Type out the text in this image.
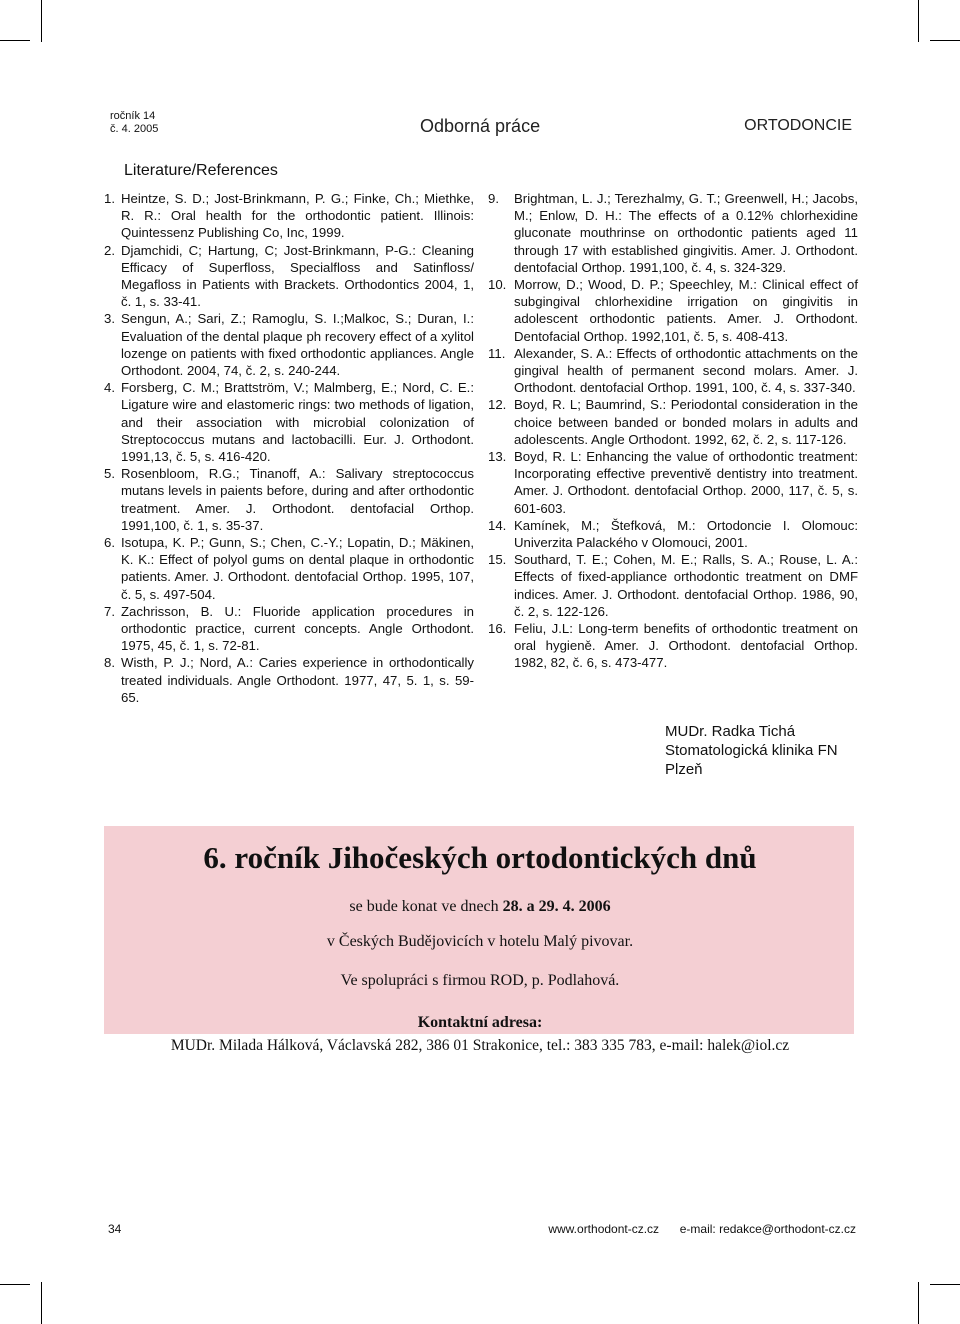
ročník 14
č. 4. 2005	Odborná práce	ORTODONCIE
Literature/References
1. Heintze, S. D.; Jost-Brinkmann, P. G.; Finke, Ch.; Miethke, R. R.: Oral health for the orthodontic patient. Illinois: Quintessenz Publishing Co, Inc, 1999.
2. Djamchidi, C; Hartung, C; Jost-Brinkmann, P-G.: Cleaning Efficacy of Superfloss, Specialfloss and Satinfloss/ Megafloss in Patients with Brackets. Orthodontics 2004, 1, č. 1, s. 33-41.
3. Sengun, A.; Sari, Z.; Ramoglu, S. I.;Malkoc, S.; Duran, I.: Evaluation of the dental plaque ph recovery effect of a xylitol lozenge on patients with fixed orthodontic appliances. Angle Orthodont. 2004, 74, č. 2, s. 240-244.
4. Forsberg, C. M.; Brattström, V.; Malmberg, E.; Nord, C. E.: Ligature wire and elastomeric rings: two methods of ligation, and their association with microbial colonization of Streptococcus mutans and lactobacilli. Eur. J. Orthodont. 1991,13, č. 5, s. 416-420.
5. Rosenbloom, R.G.; Tinanoff, A.: Salivary streptococcus mutans levels in paients before, during and after orthodontic treatment. Amer. J. Orthodont. dentofacial Orthop. 1991,100, č. 1, s. 35-37.
6. Isotupa, K. P.; Gunn, S.; Chen, C.-Y.; Lopatin, D.; Mäkinen, K. K.: Effect of polyol gums on dental plaque in orthodontic patients. Amer. J. Orthodont. dentofacial Orthop. 1995, 107, č. 5, s. 497-504.
7. Zachrisson, B. U.: Fluoride application procedures in orthodontic practice, current concepts. Angle Orthodont. 1975, 45, č. 1, s. 72-81.
8. Wisth, P. J.; Nord, A.: Caries experience in orthodontically treated individuals. Angle Orthodont. 1977, 47, 5. 1, s. 59-65.
9.	Brightman, L. J.; Terezhalmy, G. T.; Greenwell, H.; Jacobs, M.; Enlow, D. H.: The effects of a 0.12% chlorhexidine gluconate mouthrinse on orthodontic patients aged 11 through 17 with established gingivitis. Amer. J. Orthodont. dentofacial Orthop. 1991,100, č. 4, s. 324-329.
10. Morrow, D.; Wood, D. P.; Speechley, M.: Clinical effect of subgingival chlorhexidine irrigation on gingivitis in adolescent orthodontic patients. Amer. J. Orthodont. Dentofacial Orthop. 1992,101, č. 5, s. 408-413.
11. Alexander, S. A.: Effects of orthodontic attachments on the gingival health of permanent second molars. Amer. J. Orthodont. dentofacial Orthop. 1991, 100, č. 4, s. 337-340.
12. Boyd, R. L; Baumrind, S.: Periodontal consideration in the choice between banded or bonded molars in adults and adolescents. Angle Orthodont. 1992, 62, č. 2, s. 117-126.
13. Boyd, R. L: Enhancing the value of orthodontic treatment: Incorporating effective preventivě dentistry into treatment. Amer. J. Orthodont. dentofacial Orthop. 2000, 117, č. 5, s. 601-603.
14. Kamínek, M.; Štefková, M.: Ortodoncie I. Olomouc: Univerzita Palackého v Olomouci, 2001.
15. Southard, T. E.; Cohen, M. E.; Ralls, S. A.; Rouse, L. A.: Effects of fixed-appliance orthodontic treatment on DMF indices. Amer. J. Orthodont. dentofacial Orthop. 1986, 90, č. 2, s. 122-126.
16. Feliu, J.L: Long-term benefits of orthodontic treatment on oral hygieně. Amer. J. Orthodont. dentofacial Orthop. 1982, 82, č. 6, s. 473-477.
MUDr. Radka Tichá
Stomatologická klinika FN
Plzeň
6. ročník Jihočeských ortodontických dnů
se bude konat ve dnech 28. a 29. 4. 2006
v Českých Budějovicích v hotelu Malý pivovar.
Ve spolupráci s firmou ROD, p. Podlahová.
Kontaktní adresa:
MUDr. Milada Hálková, Václavská 282, 386 01 Strakonice, tel.: 383 335 783, e-mail: halek@iol.cz
34	www.orthodont-cz.cz e-mail: redakce@orthodont-cz.cz
